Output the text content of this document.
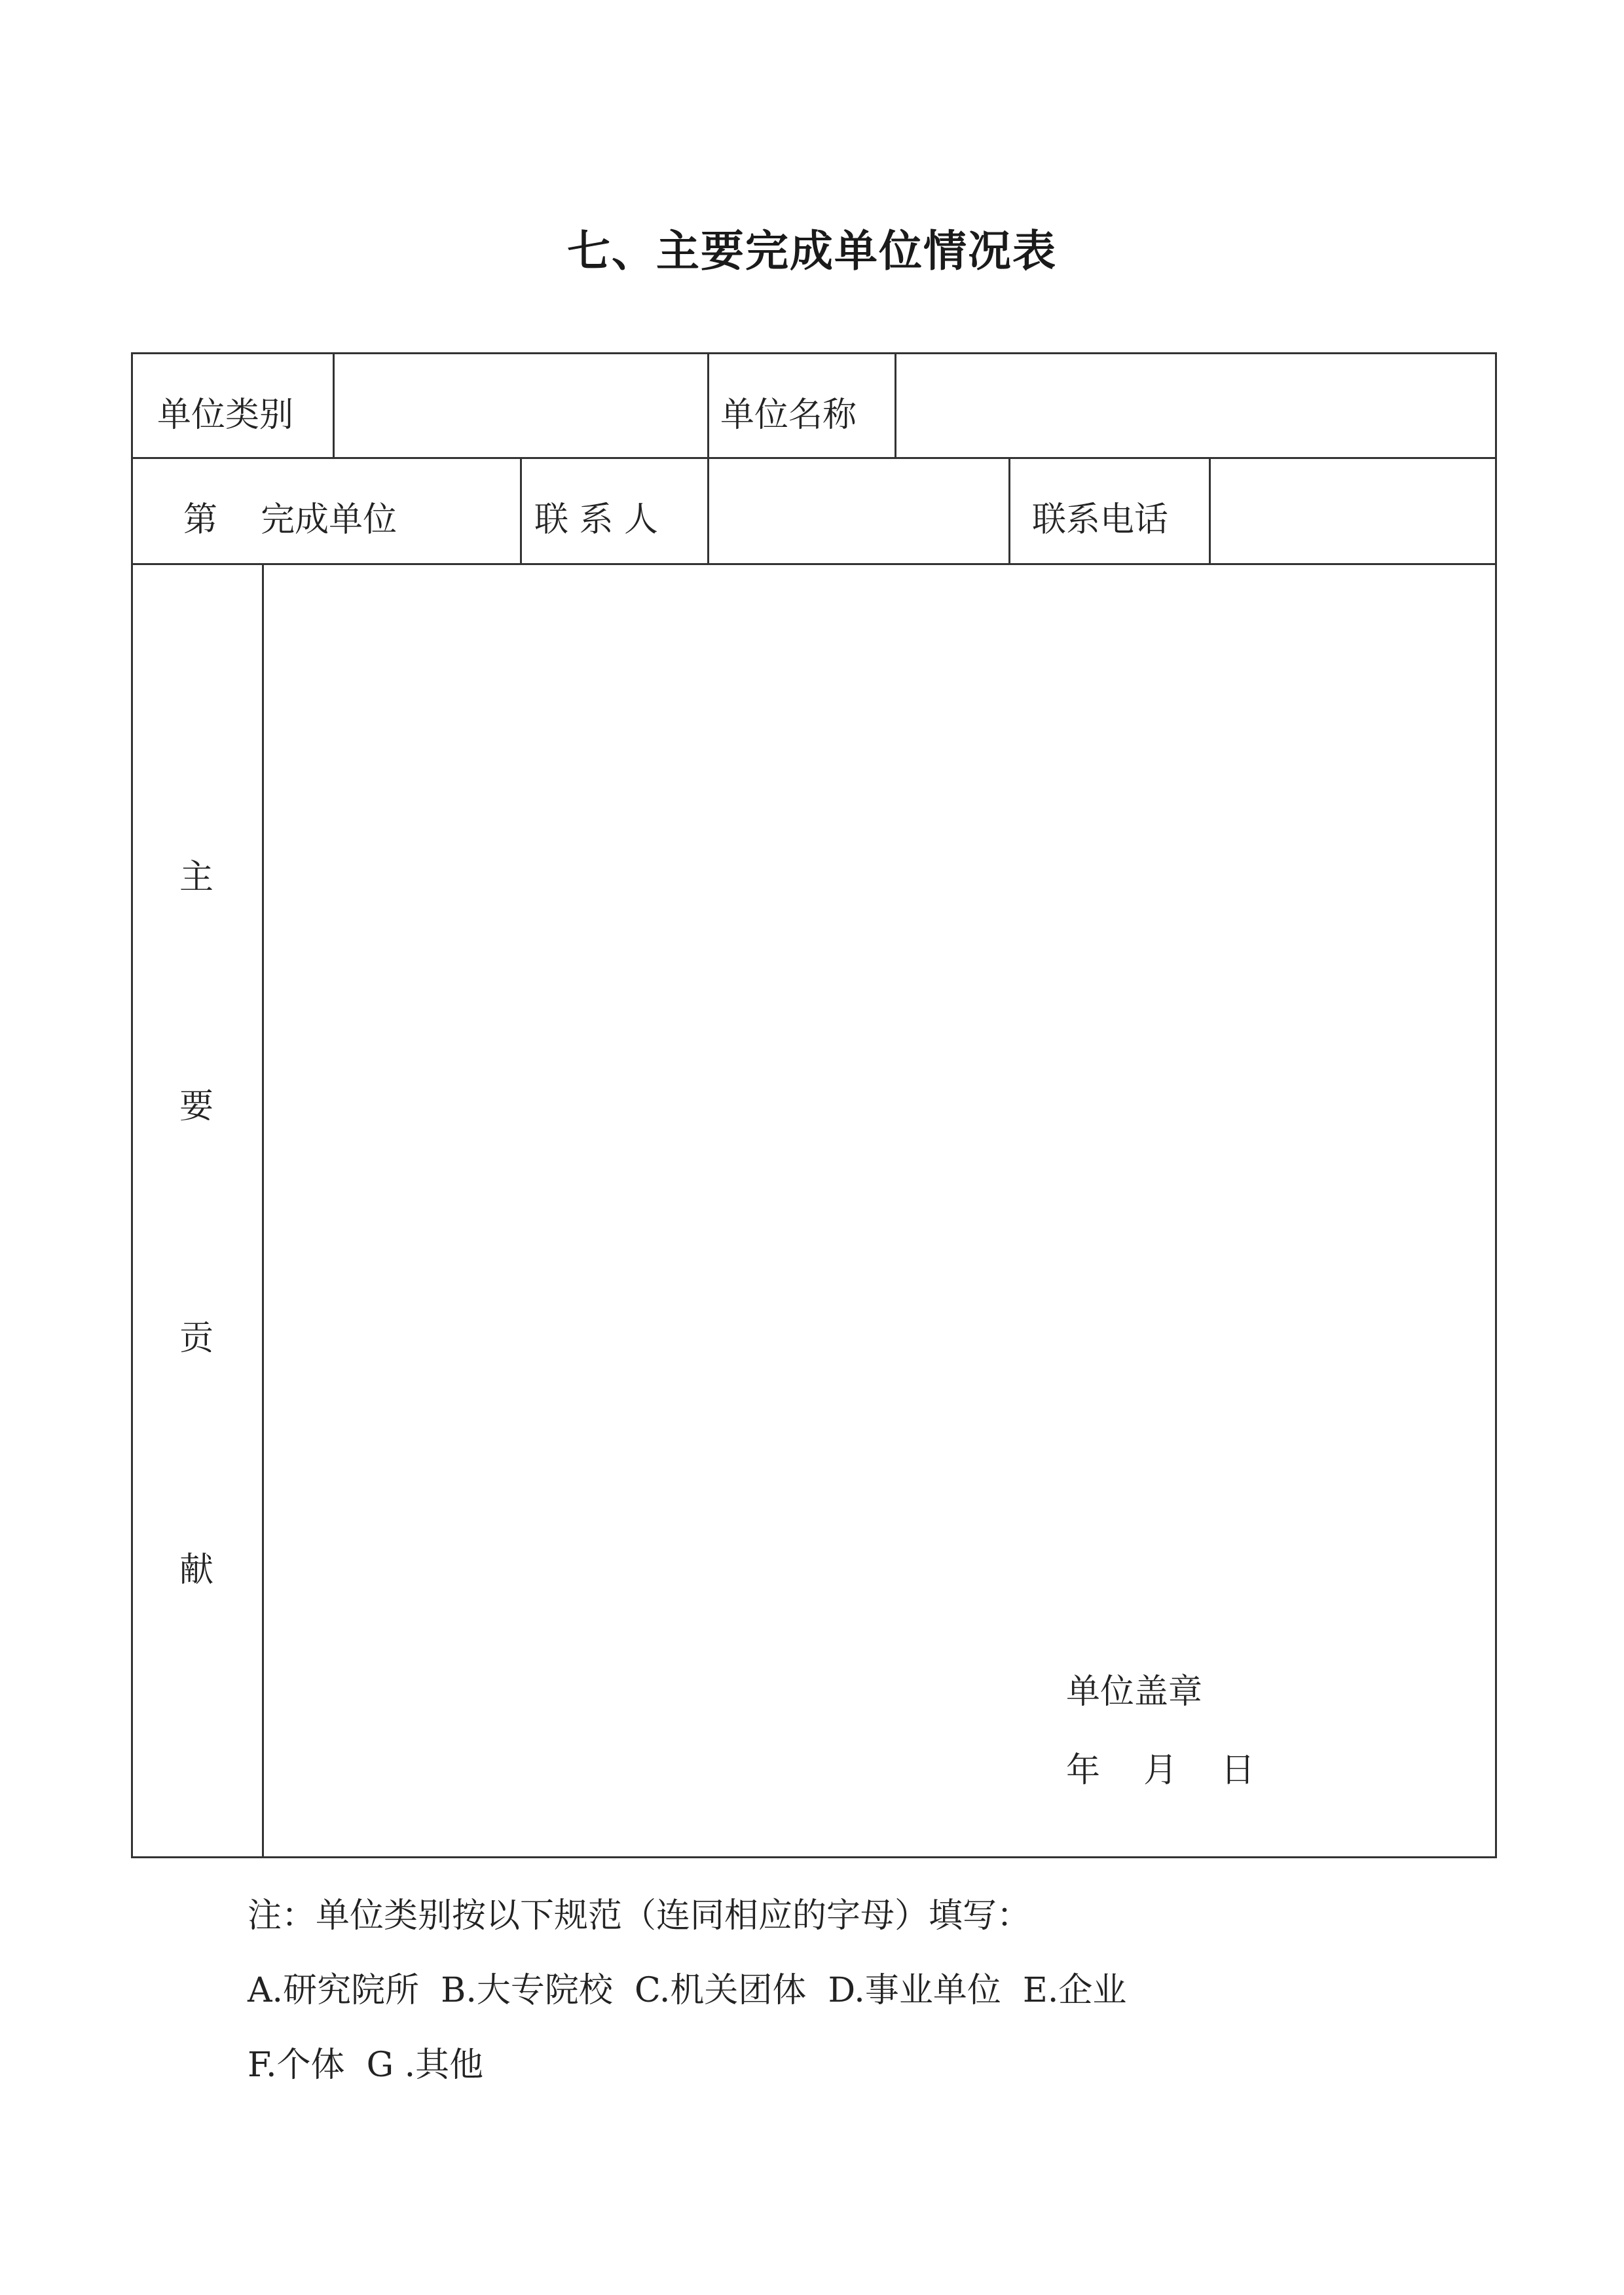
七、主要完成单位情况表
单位类别	单位名称
第    完成单位	联 系 人	联系电话
主
要
贡
献
单位盖章
年    月    日
注：单位类别按以下规范（连同相应的字母）填写：
A.研究院所  B.大专院校  C.机关团体  D.事业单位  E.企业
F.个体  G .其他
